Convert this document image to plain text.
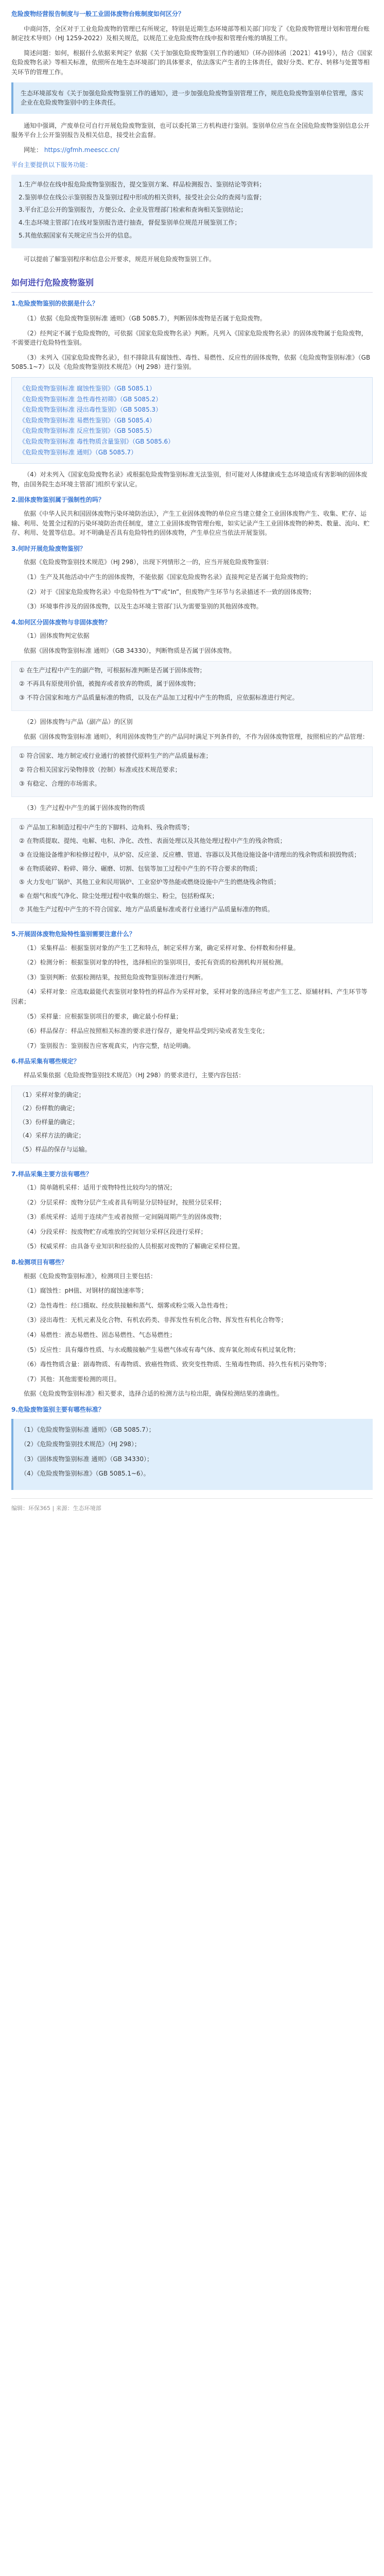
危险废物经营报告制度与一般工业固体废物台账制度如何区分？

中商问答，全区对于工业危险废物的管理已有所规定，特别是近期生态环境部等相关部门印发了《危险废物管理计划和管理台账制定技术导则》（HJ 1259-2022）及相关规范，以规范工业危险废物在线申报和管理台账的填报工作。

简述问题：如何，根据什么依据来判定？依据《关于加强危险废物鉴别工作的通知》（环办固体函〔2021〕419号），结合《国家危险废物名录》等相关标准，依照所在地生态环境部门的具体要求，依法落实产生者的主体责任，做好分类、贮存、转移与处置等相关环节的管理工作。

生态环境部发布《关于加强危险废物鉴别工作的通知》，进一步加强危险废物鉴别管理工作，规范危险废物鉴别单位管理，落实企业在危险废物鉴别中的主体责任。

通知中强调，产废单位可自行开展危险废物鉴别，也可以委托第三方机构进行鉴别。鉴别单位应当在全国危险废物鉴别信息公开服务平台上公开鉴别报告及相关信息，接受社会监督。

网址： https://gfmh.meescc.cn/

平台主要提供以下服务功能：

1.生产单位在线申报危险废物鉴别报告，提交鉴别方案、样品检测报告、鉴别结论等资料；

2.鉴别单位在线公示鉴别报告及鉴别过程中形成的相关资料，接受社会公众的查阅与监督；

3.平台汇总公开的鉴别报告，方便公众、企业及管理部门检索和查询相关鉴别结论；

4.生态环境主管部门在线对鉴别报告进行抽查，督促鉴别单位规范开展鉴别工作；

5.其他依据国家有关规定应当公开的信息。

可以提前了解鉴别程序和信息公开要求，规范开展危险废物鉴别工作。

如何进行危险废物鉴别

1.危险废物鉴别的依据是什么？

（1）依据《危险废物鉴别标准 通则》（GB 5085.7），判断固体废物是否属于危险废物。

（2）经判定不属于危险废物的，可依据《国家危险废物名录》判断。凡列入《国家危险废物名录》的固体废物属于危险废物，不需要进行危险特性鉴别。

（3）未列入《国家危险废物名录》，但不排除具有腐蚀性、毒性、易燃性、反应性的固体废物，依据《危险废物鉴别标准》（GB 5085.1~7）以及《危险废物鉴别技术规范》（HJ 298）进行鉴别。

《危险废物鉴别标准 腐蚀性鉴别》（GB 5085.1）
《危险废物鉴别标准 急性毒性初筛》（GB 5085.2）
《危险废物鉴别标准 浸出毒性鉴别》（GB 5085.3）
《危险废物鉴别标准 易燃性鉴别》（GB 5085.4）
《危险废物鉴别标准 反应性鉴别》（GB 5085.5）
《危险废物鉴别标准 毒性物质含量鉴别》（GB 5085.6）
《危险废物鉴别标准 通则》（GB 5085.7）

（4）对未列入《国家危险废物名录》或根据危险废物鉴别标准无法鉴别，但可能对人体健康或生态环境造成有害影响的固体废物，由国务院生态环境主管部门组织专家认定。

2.固体废物鉴别属于强制性的吗？

依据《中华人民共和国固体废物污染环境防治法》，产生工业固体废物的单位应当建立健全工业固体废物产生、收集、贮存、运输、利用、处置全过程的污染环境防治责任制度，建立工业固体废物管理台账，如实记录产生工业固体废物的种类、数量、流向、贮存、利用、处置等信息。对不明确是否具有危险特性的固体废物，产生单位应当依法开展鉴别。

3.何时开展危险废物鉴别？

依据《危险废物鉴别技术规范》（HJ 298），出现下列情形之一的，应当开展危险废物鉴别：

（1）生产及其他活动中产生的固体废物，不能依据《国家危险废物名录》直接判定是否属于危险废物的；

（2）对于《国家危险废物名录》中危险特性为“T”或“In”，但废物产生环节与名录描述不一致的固体废物；

（3）环境事件涉及的固体废物，以及生态环境主管部门认为需要鉴别的其他固体废物。

4.如何区分固体废物与非固体废物？

（1）固体废物判定依据

依据《固体废物鉴别标准 通则》（GB 34330），判断物质是否属于固体废物。

① 在生产过程中产生的副产物，可根据标准判断是否属于固体废物；

② 不再具有原使用价值，被抛弃或者放弃的物质，属于固体废物；

③ 不符合国家和地方产品质量标准的物质，以及在产品加工过程中产生的物质，应依据标准进行判定。

（2）固体废物与产品（副产品）的区别

依据《固体废物鉴别标准 通则》，利用固体废物生产的产品同时满足下列条件的，不作为固体废物管理，按照相应的产品管理：

① 符合国家、地方制定或行业通行的被替代原料生产的产品质量标准；

② 符合相关国家污染物排放（控制）标准或技术规范要求；

③ 有稳定、合理的市场需求。

（3）生产过程中产生的属于固体废物的物质

① 产品加工和制造过程中产生的下脚料、边角料、残余物质等；

② 在物质提取、提纯、电解、电积、净化、改性、表面处理以及其他处理过程中产生的残余物质；

③ 在设施设备维护和检修过程中，从炉窑、反应釜、反应槽、管道、容器以及其他设施设备中清理出的残余物质和损毁物质；

④ 在物质破碎、粉碎、筛分、碾磨、切割、包装等加工过程中产生的不符合要求的物质；

⑤ 火力发电厂锅炉、其他工业和民用锅炉、工业窑炉等热能或燃烧设施中产生的燃烧残余物质；

⑥ 在烟气和废气净化、除尘处理过程中收集的烟尘、粉尘，包括粉煤灰；

⑦ 其他生产过程中产生的不符合国家、地方产品质量标准或者行业通行产品质量标准的物质。

5.开展固体废物危险特性鉴别需要注意什么？

（1）采集样品：根据鉴别对象的产生工艺和特点，制定采样方案，确定采样对象、份样数和份样量。

（2）检测分析：根据鉴别对象的特性，选择相应的鉴别项目，委托有资质的检测机构开展检测。

（3）鉴别判断：依据检测结果，按照危险废物鉴别标准进行判断。

（4）采样对象：应选取最能代表鉴别对象特性的样品作为采样对象，采样对象的选择应考虑产生工艺、原辅材料、产生环节等因素；

（5）采样量：应根据鉴别项目的要求，确定最小份样量；

（6）样品保存：样品应按照相关标准的要求进行保存，避免样品受到污染或者发生变化；

（7）鉴别报告：鉴别报告应客观真实，内容完整，结论明确。

6.样品采集有哪些规定？

样品采集依据《危险废物鉴别技术规范》（HJ 298）的要求进行，主要内容包括：

（1）采样对象的确定；

（2）份样数的确定；

（3）份样量的确定；

（4）采样方法的确定；

（5）样品的保存与运输。

7.样品采集主要方法有哪些？

（1）简单随机采样：适用于废物特性比较均匀的情况；

（2）分层采样：废物分层产生或者具有明显分层特征时，按照分层采样；

（3）系统采样：适用于连续产生或者按照一定间隔周期产生的固体废物；

（4）分段采样：按废物贮存或堆放的空间划分采样区段进行采样；

（5）权威采样：由具备专业知识和经验的人员根据对废物的了解确定采样位置。

8.检测项目有哪些？

根据《危险废物鉴别标准》，检测项目主要包括：

（1）腐蚀性：pH值、对钢材的腐蚀速率等；

（2）急性毒性：经口摄取、经皮肤接触和蒸气、烟雾或粉尘吸入急性毒性；

（3）浸出毒性：无机元素及化合物、有机农药类、非挥发性有机化合物、挥发性有机化合物等；

（4）易燃性：液态易燃性、固态易燃性、气态易燃性；

（5）反应性：具有爆炸性质、与水或酸接触产生易燃气体或有毒气体、废弃氧化剂或有机过氧化物；

（6）毒性物质含量：剧毒物质、有毒物质、致癌性物质、致突变性物质、生殖毒性物质、持久性有机污染物等；

（7）其他：其他需要检测的项目。

依据《危险废物鉴别标准》相关要求，选择合适的检测方法与检出限，确保检测结果的准确性。

9.危险废物鉴别主要有哪些标准？

（1）《危险废物鉴别标准 通则》（GB 5085.7）；

（2）《危险废物鉴别技术规范》（HJ 298）；

（3）《固体废物鉴别标准 通则》（GB 34330）；

（4）《危险废物鉴别标准》（GB 5085.1~6）。

编辑：环保365 | 来源：生态环境部
